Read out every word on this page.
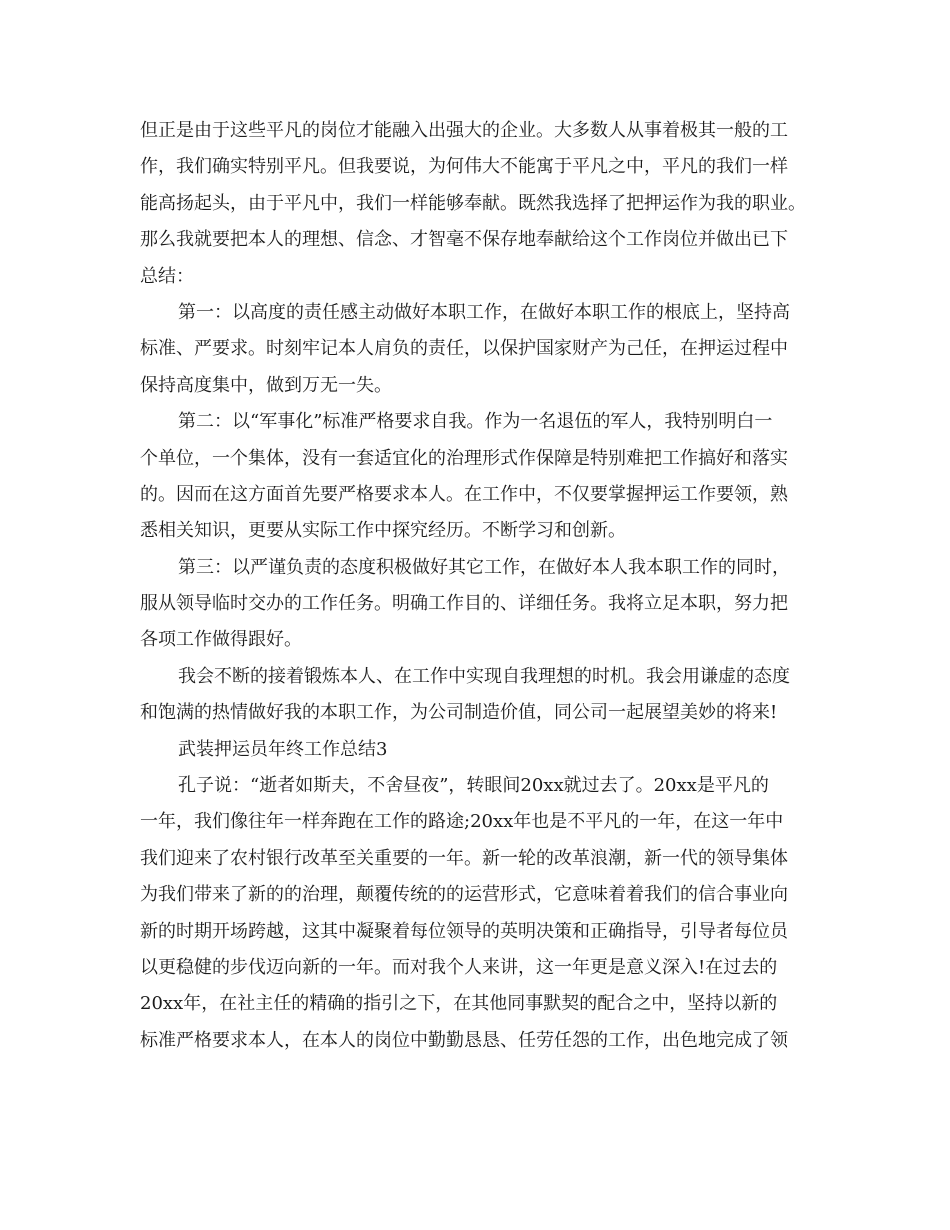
但正是由于这些平凡的岗位才能融入出强大的企业。大多数人从事着极其一般的工
作，我们确实特别平凡。但我要说，为何伟大不能寓于平凡之中，平凡的我们一样
能高扬起头，由于平凡中，我们一样能够奉献。既然我选择了把押运作为我的职业。
那么我就要把本人的理想、信念、才智毫不保存地奉献给这个工作岗位并做出已下
总结：
第一：以高度的责任感主动做好本职工作，在做好本职工作的根底上，坚持高
标准、严要求。时刻牢记本人肩负的责任，以保护国家财产为己任，在押运过程中
保持高度集中，做到万无一失。
第二：以“军事化”标准严格要求自我。作为一名退伍的军人，我特别明白一
个单位，一个集体，没有一套适宜化的治理形式作保障是特别难把工作搞好和落实
的。因而在这方面首先要严格要求本人。在工作中，不仅要掌握押运工作要领，熟
悉相关知识，更要从实际工作中探究经历。不断学习和创新。
第三：以严谨负责的态度积极做好其它工作，在做好本人我本职工作的同时，
服从领导临时交办的工作任务。明确工作目的、详细任务。我将立足本职，努力把
各项工作做得跟好。
我会不断的接着锻炼本人、在工作中实现自我理想的时机。我会用谦虚的态度
和饱满的热情做好我的本职工作，为公司制造价值，同公司一起展望美妙的将来!
武装押运员年终工作总结3
孔子说：“逝者如斯夫，不舍昼夜”，转眼间20xx就过去了。20xx是平凡的
一年，我们像往年一样奔跑在工作的路途;20xx年也是不平凡的一年，在这一年中
我们迎来了农村银行改革至关重要的一年。新一轮的改革浪潮，新一代的领导集体
为我们带来了新的的治理，颠覆传统的的运营形式，它意味着着我们的信合事业向
新的时期开场跨越，这其中凝聚着每位领导的英明决策和正确指导，引导者每位员
以更稳健的步伐迈向新的一年。而对我个人来讲，这一年更是意义深入!在过去的
20xx年，在社主任的精确的指引之下，在其他同事默契的配合之中，坚持以新的
标准严格要求本人，在本人的岗位中勤勤恳恳、任劳任怨的工作，出色地完成了领
